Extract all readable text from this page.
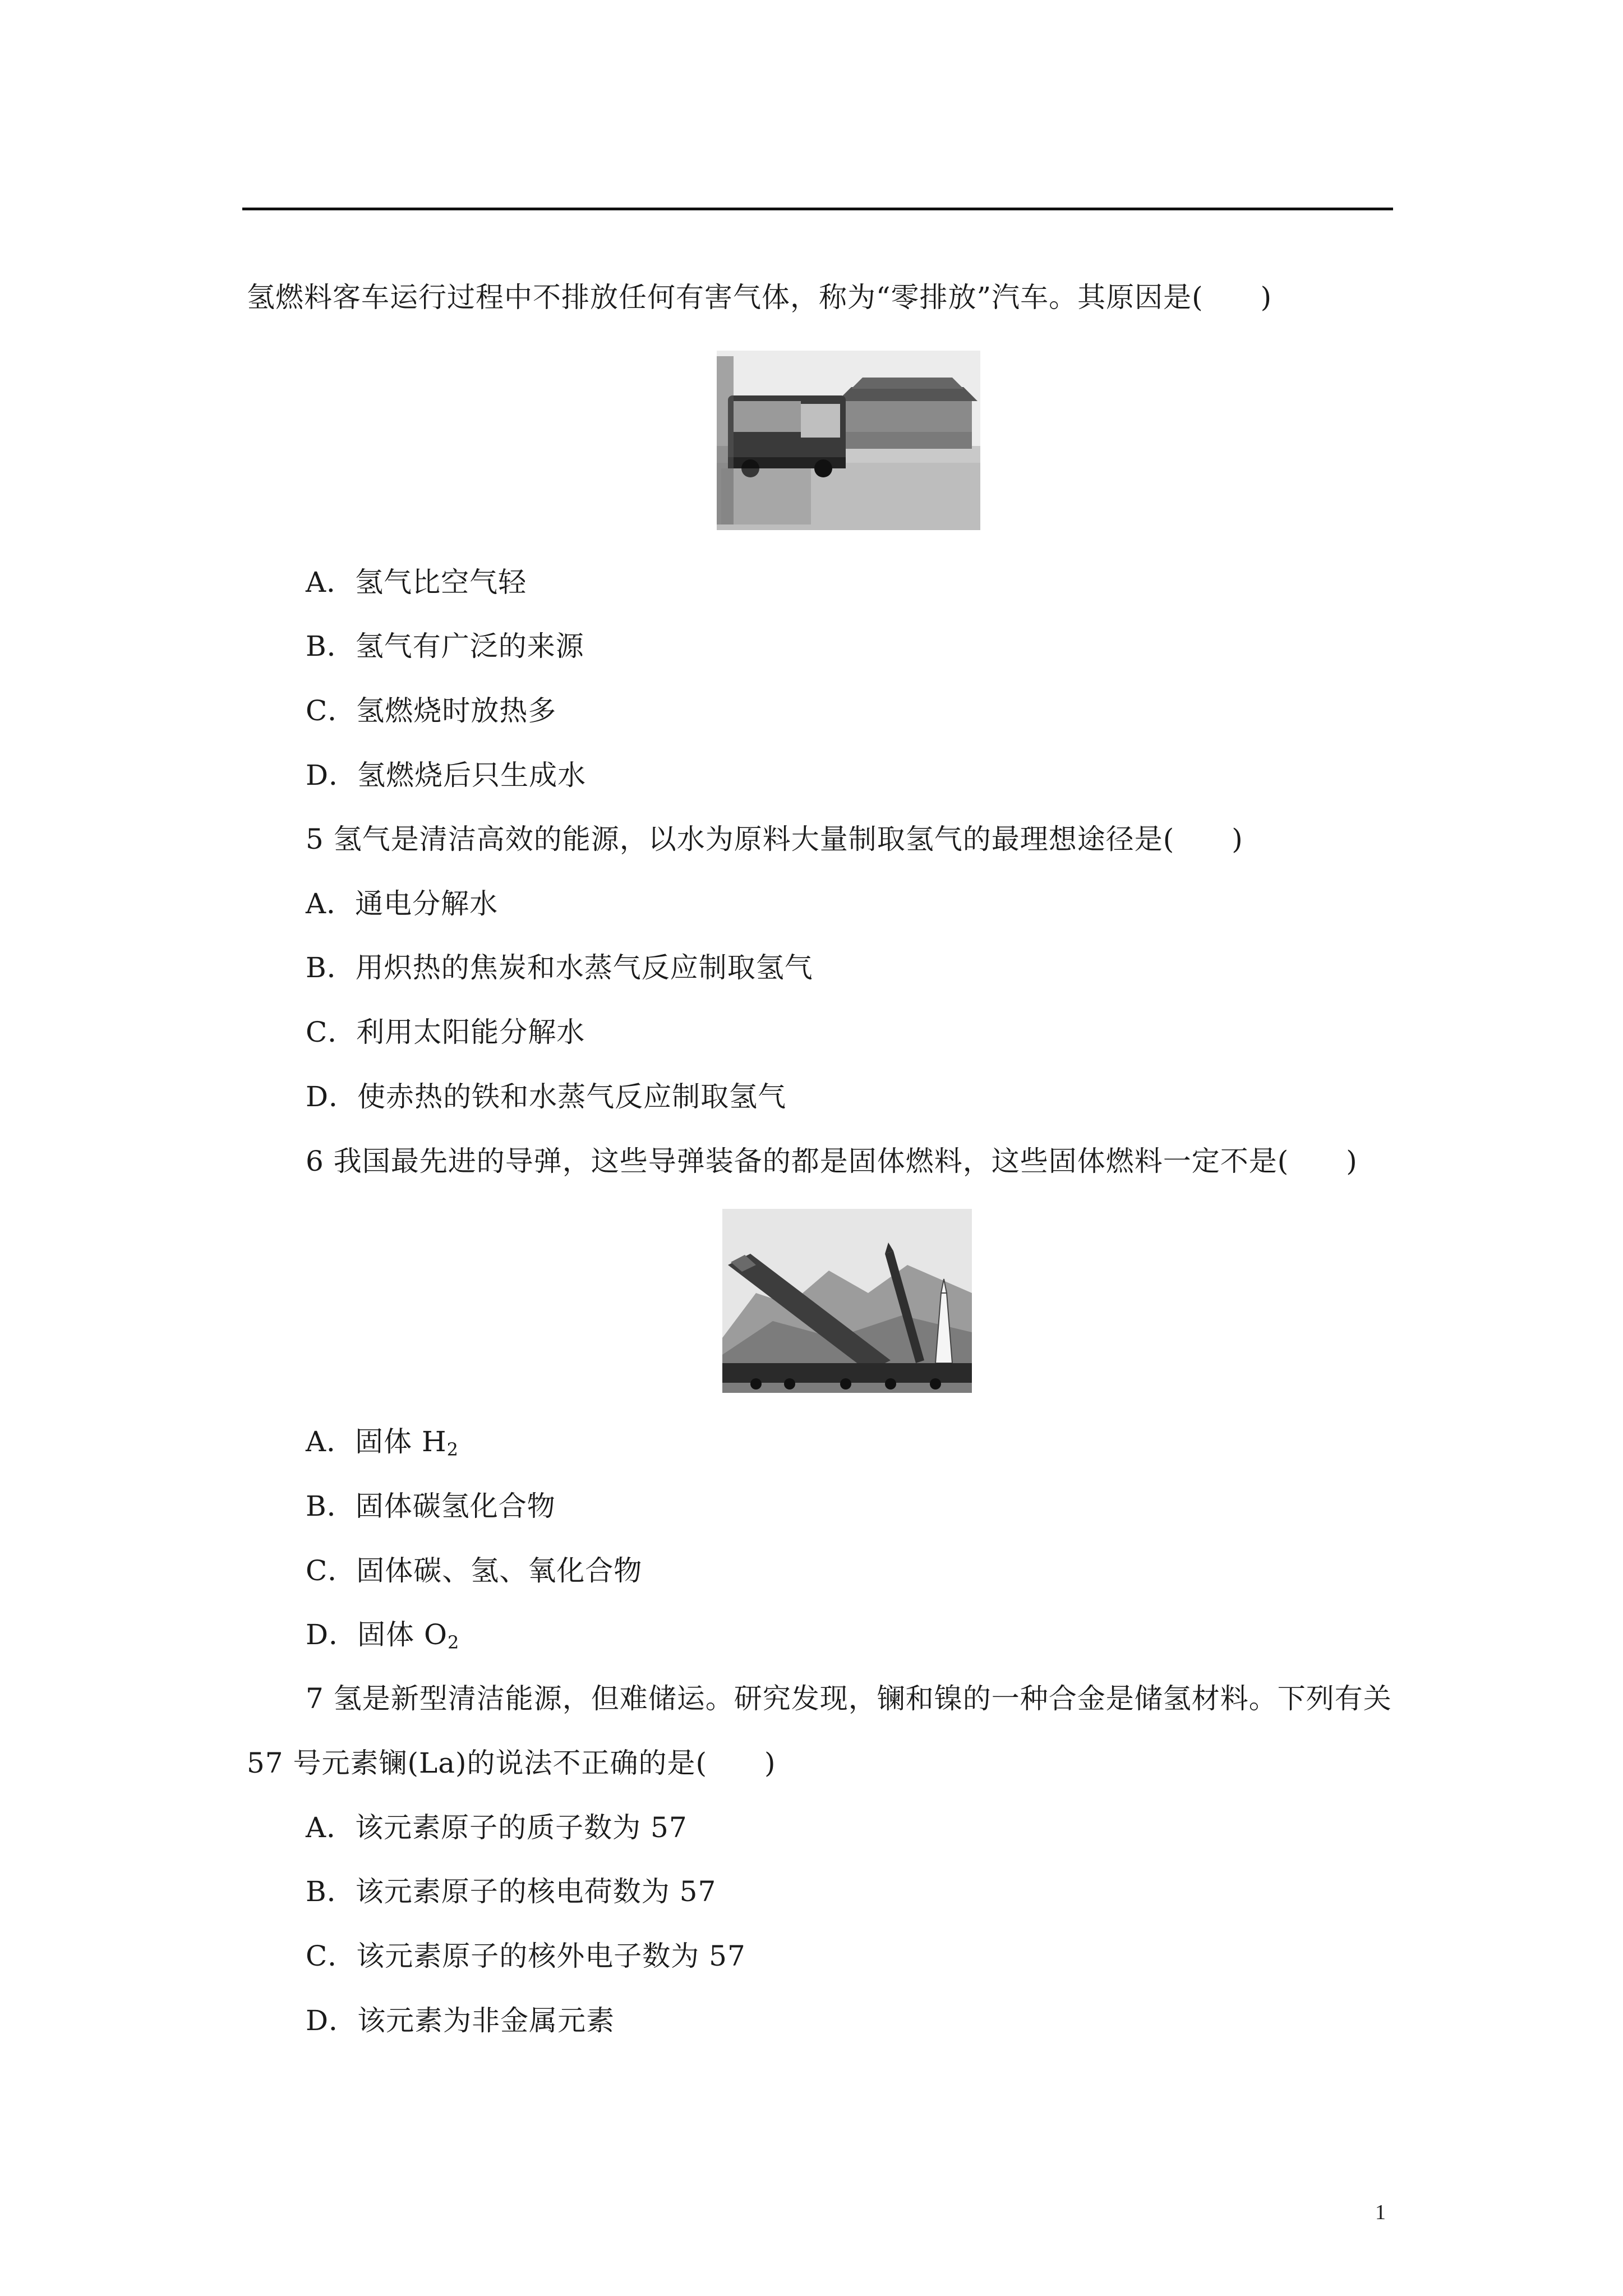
氢燃料客车运行过程中不排放任何有害气体，称为“零排放”汽车。其原因是(　　)
A．氢气比空气轻
B．氢气有广泛的来源
C．氢燃烧时放热多
D．氢燃烧后只生成水
5 氢气是清洁高效的能源，以水为原料大量制取氢气的最理想途径是(　　)
A．通电分解水
B．用炽热的焦炭和水蒸气反应制取氢气
C．利用太阳能分解水
D．使赤热的铁和水蒸气反应制取氢气
6 我国最先进的导弹，这些导弹装备的都是固体燃料，这些固体燃料一定不是(　　)
A．固体 $H_2$
B．固体碳氢化合物
C．固体碳、氢、氧化合物
D．固体 $O_2$
7 氢是新型清洁能源，但难储运。研究发现，镧和镍的一种合金是储氢材料。下列有关
57 号元素镧(La)的说法不正确的是(　　)
A．该元素原子的质子数为 57
B．该元素原子的核电荷数为 57
C．该元素原子的核外电子数为 57
D．该元素为非金属元素
1
